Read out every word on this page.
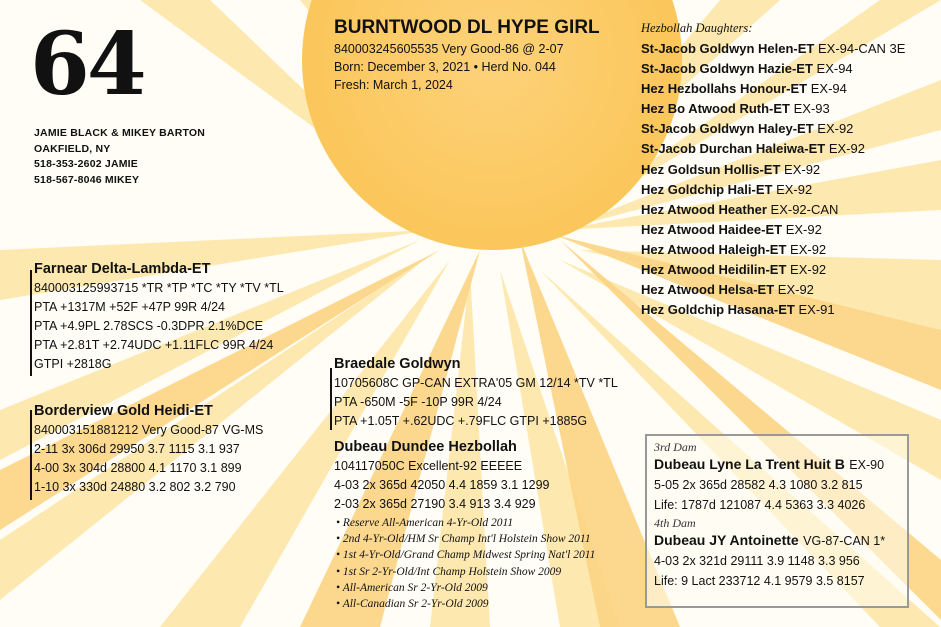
64
JAMIE BLACK & MIKEY BARTON
OAKFIELD, NY
518-353-2602 JAMIE
518-567-8046 MIKEY
BURNTWOOD DL HYPE GIRL
840003245605535 Very Good-86 @ 2-07
Born: December 3, 2021 • Herd No. 044
Fresh: March 1, 2024
Hezbollah Daughters:
St-Jacob Goldwyn Helen-ET EX-94-CAN 3E
St-Jacob Goldwyn Hazie-ET EX-94
Hez Hezbollahs Honour-ET EX-94
Hez Bo Atwood Ruth-ET EX-93
St-Jacob Goldwyn Haley-ET EX-92
St-Jacob Durchan Haleiwa-ET EX-92
Hez Goldsun Hollis-ET EX-92
Hez Goldchip Hali-ET EX-92
Hez Atwood Heather EX-92-CAN
Hez Atwood Haidee-ET EX-92
Hez Atwood Haleigh-ET EX-92
Hez Atwood Heidilin-ET EX-92
Hez Atwood Helsa-ET EX-92
Hez Goldchip Hasana-ET EX-91
Farnear Delta-Lambda-ET
840003125993715 *TR *TP *TC *TY *TV *TL
PTA +1317M +52F +47P 99R 4/24
PTA +4.9PL 2.78SCS -0.3DPR 2.1%DCE
PTA +2.81T +2.74UDC +1.11FLC 99R 4/24
GTPI +2818G
Borderview Gold Heidi-ET
840003151881212 Very Good-87 VG-MS
2-11 3x 306d 29950 3.7 1115 3.1 937
4-00 3x 304d 28800 4.1 1170 3.1 899
1-10 3x 330d 24880 3.2 802 3.2 790
Braedale Goldwyn
10705608C GP-CAN EXTRA'05 GM 12/14 *TV *TL
PTA -650M -5F -10P 99R 4/24
PTA +1.05T +.62UDC +.79FLC GTPI +1885G
Dubeau Dundee Hezbollah
104117050C Excellent-92 EEEEE
4-03 2x 365d 42050 4.4 1859 3.1 1299
2-03 2x 365d 27190 3.4 913 3.4 929
• Reserve All-American 4-Yr-Old 2011
• 2nd 4-Yr-Old/HM Sr Champ Int'l Holstein Show 2011
• 1st 4-Yr-Old/Grand Champ Midwest Spring Nat'l 2011
• 1st Sr 2-Yr-Old/Int Champ Holstein Show 2009
• All-American Sr 2-Yr-Old 2009
• All-Canadian Sr 2-Yr-Old 2009
3rd Dam
Dubeau Lyne La Trent Huit B EX-90
5-05 2x 365d 28582 4.3 1080 3.2 815
Life: 1787d 121087 4.4 5363 3.3 4026
4th Dam
Dubeau JY Antoinette VG-87-CAN 1*
4-03 2x 321d 29111 3.9 1148 3.3 956
Life: 9 Lact 233712 4.1 9579 3.5 8157
